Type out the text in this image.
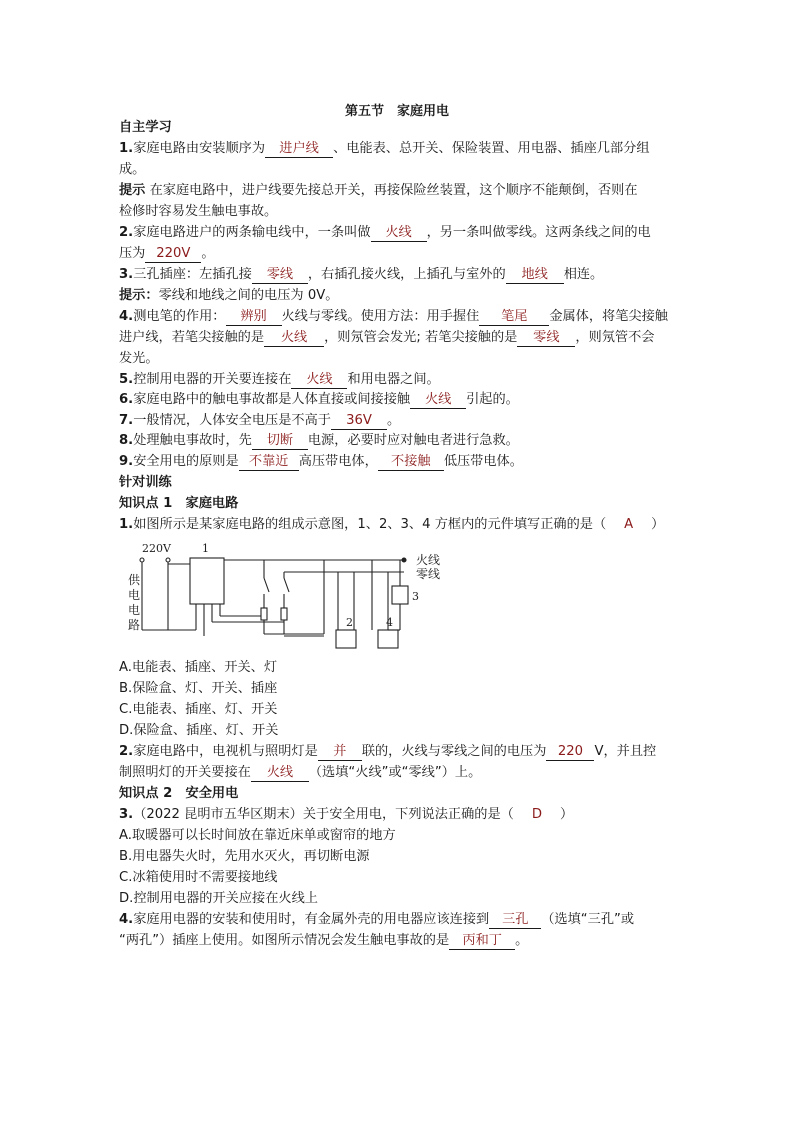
第五节　家庭用电
自主学习
1.家庭电路由安装顺序为 进户线 、电能表、总开关、保险装置、用电器、插座几部分组
成。
提示 在家庭电路中，进户线要先接总开关，再接保险丝装置，这个顺序不能颠倒，否则在
检修时容易发生触电事故。
2.家庭电路进户的两条输电线中，一条叫做 火线 ，另一条叫做零线。这两条线之间的电
压为 220V 。
3.三孔插座：左插孔接 零线 ，右插孔接火线，上插孔与室外的 地线 相连。
提示：零线和地线之间的电压为 0V。
4.测电笔的作用： 辨别 火线与零线。使用方法：用手握住 笔尾 金属体，将笔尖接触
进户线，若笔尖接触的是 火线 ，则氖管会发光; 若笔尖接触的是 零线 ，则氖管不会
发光。
5.控制用电器的开关要连接在 火线 和用电器之间。
6.家庭电路中的触电事故都是人体直接或间接接触 火线 引起的。
7.一般情况，人体安全电压是不高于 36V 。
8.处理触电事故时，先 切断 电源，必要时应对触电者进行急救。
9.安全用电的原则是 不靠近 高压带电体， 不接触 低压带电体。
针对训练
知识点 1　家庭电路
1.如图所示是某家庭电路的组成示意图，1、2、3、4 方框内的元件填写正确的是（ A ）
220V	1
2
3
4
火线
零线
供
电
电
路
A.电能表、插座、开关、灯
B.保险盒、灯、开关、插座
C.电能表、插座、灯、开关
D.保险盒、插座、灯、开关
2.家庭电路中，电视机与照明灯是 并 联的，火线与零线之间的电压为 220 V，并且控
制照明灯的开关要接在 火线 （选填“火线”或“零线”）上。
知识点 2　安全用电
3.（2022 昆明市五华区期末）关于安全用电，下列说法正确的是（ D ）
A.取暖器可以长时间放在靠近床单或窗帘的地方
B.用电器失火时，先用水灭火，再切断电源
C.冰箱使用时不需要接地线
D.控制用电器的开关应接在火线上
4.家庭用电器的安装和使用时，有金属外壳的用电器应该连接到 三孔 （选填“三孔”或
“两孔”）插座上使用。如图所示情况会发生触电事故的是 丙和丁 。
